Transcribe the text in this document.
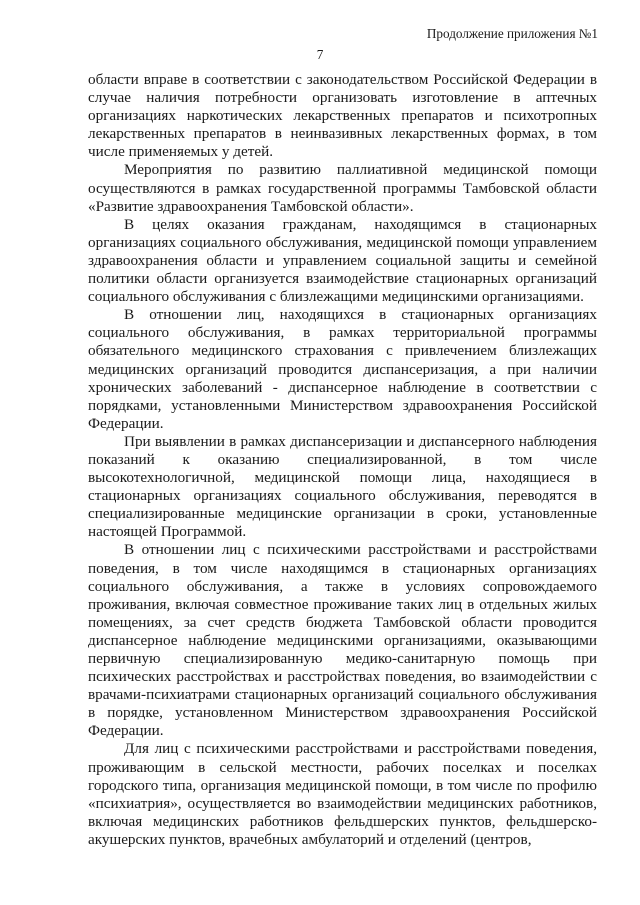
Продолжение приложения №1
7

области вправе в соответствии с законодательством Российской Федерации в случае наличия потребности организовать изготовление в аптечных организациях наркотических лекарственных препаратов и психотропных лекарственных препаратов в неинвазивных лекарственных формах, в том числе применяемых у детей.

Мероприятия по развитию паллиативной медицинской помощи осуществляются в рамках государственной программы Тамбовской области «Развитие здравоохранения Тамбовской области».

В целях оказания гражданам, находящимся в стационарных организациях социального обслуживания, медицинской помощи управлением здравоохранения области и управлением социальной защиты и семейной политики области организуется взаимодействие стационарных организаций социального обслуживания с близлежащими медицинскими организациями.

В отношении лиц, находящихся в стационарных организациях социального обслуживания, в рамках территориальной программы обязательного медицинского страхования с привлечением близлежащих медицинских организаций проводится диспансеризация, а при наличии хронических заболеваний - диспансерное наблюдение в соответствии с порядками, установленными Министерством здравоохранения Российской Федерации.

При выявлении в рамках диспансеризации и диспансерного наблюдения показаний к оказанию специализированной, в том числе высокотехнологичной, медицинской помощи лица, находящиеся в стационарных организациях социального обслуживания, переводятся в специализированные медицинские организации в сроки, установленные настоящей Программой.

В отношении лиц с психическими расстройствами и расстройствами поведения, в том числе находящимся в стационарных организациях социального обслуживания, а также в условиях сопровождаемого проживания, включая совместное проживание таких лиц в отдельных жилых помещениях, за счет средств бюджета Тамбовской области проводится диспансерное наблюдение медицинскими организациями, оказывающими первичную специализированную медико-санитарную помощь при психических расстройствах и расстройствах поведения, во взаимодействии с врачами-психиатрами стационарных организаций социального обслуживания в порядке, установленном Министерством здравоохранения Российской Федерации.

Для лиц с психическими расстройствами и расстройствами поведения, проживающим в сельской местности, рабочих поселках и поселках городского типа, организация медицинской помощи, в том числе по профилю «психиатрия», осуществляется во взаимодействии медицинских работников, включая медицинских работников фельдшерских пунктов, фельдшерско-акушерских пунктов, врачебных амбулаторий и отделений (центров,
